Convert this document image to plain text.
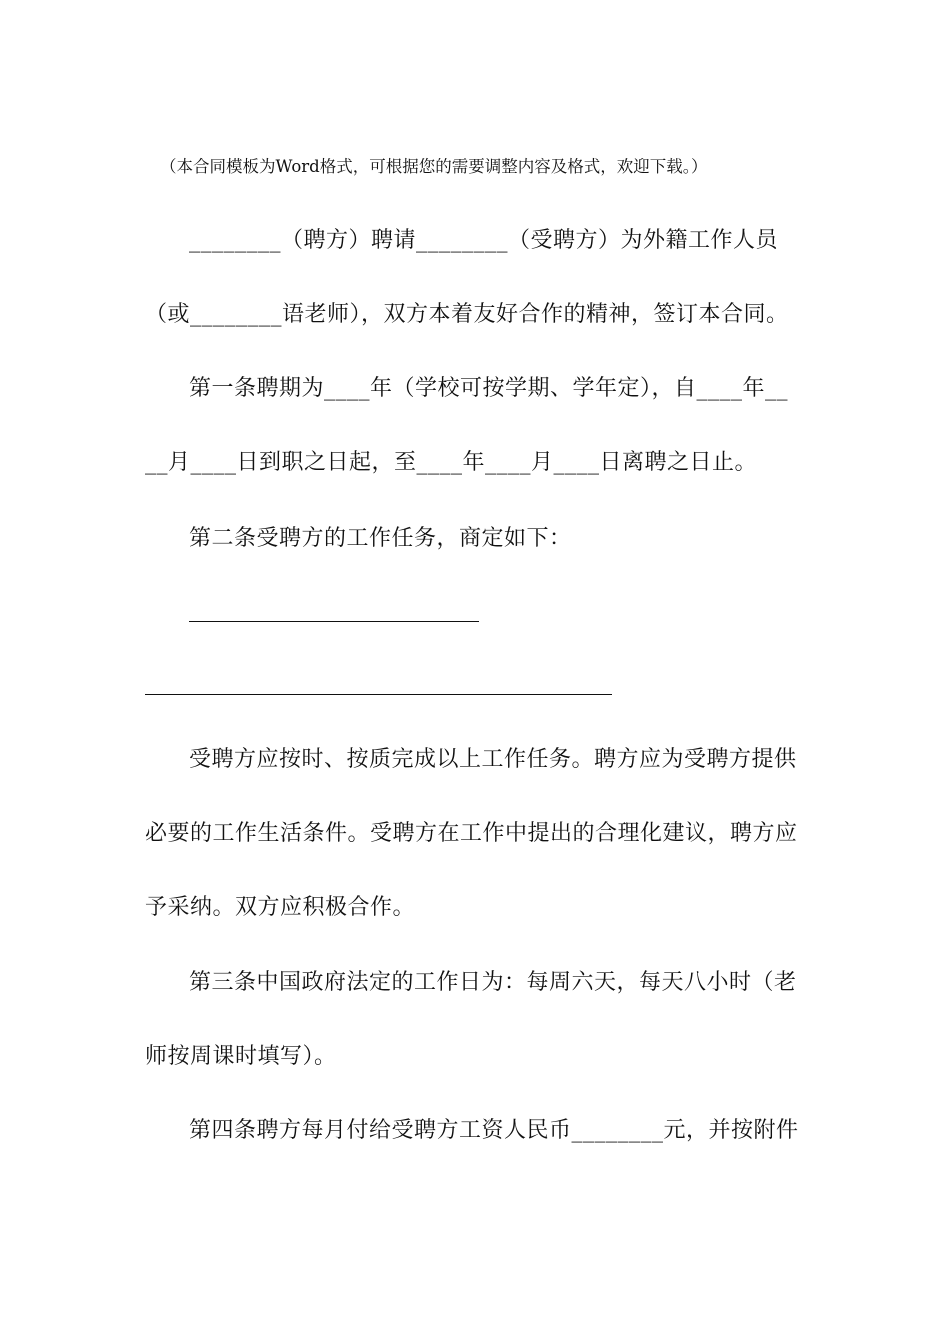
（本合同模板为Word格式，可根据您的需要调整内容及格式，欢迎下载。）
________（聘方）聘请________（受聘方）为外籍工作人员
（或________语老师），双方本着友好合作的精神，签订本合同。
第一条聘期为____年（学校可按学期、学年定），自____年__
__月____日到职之日起，至____年____月____日离聘之日止。
第二条受聘方的工作任务，商定如下：
受聘方应按时、按质完成以上工作任务。聘方应为受聘方提供
必要的工作生活条件。受聘方在工作中提出的合理化建议，聘方应
予采纳。双方应积极合作。
第三条中国政府法定的工作日为：每周六天，每天八小时（老
师按周课时填写）。
第四条聘方每月付给受聘方工资人民币________元，并按附件
